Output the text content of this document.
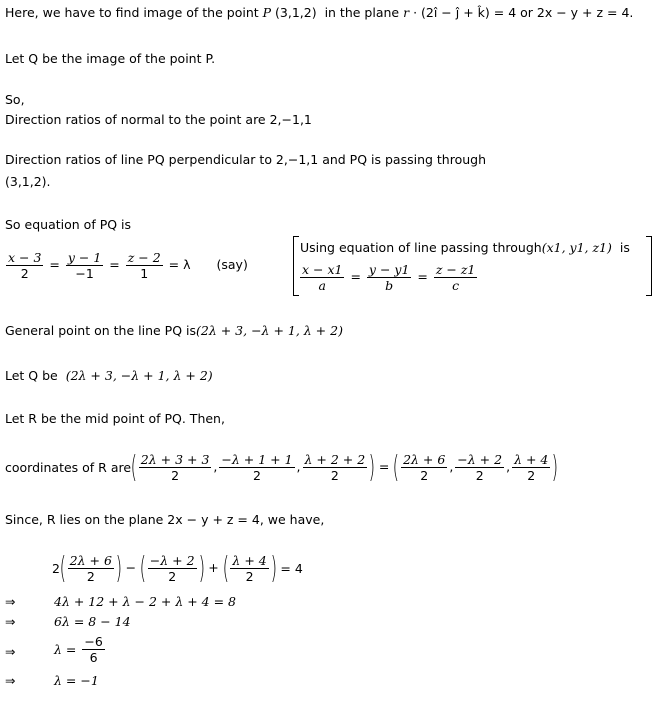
Here, we have to find image of the point P (3,1,2) in the plane r · (2î − ĵ + k̂) = 4 or 2x − y + z = 4.
Let Q be the image of the point P.
So,
Direction ratios of normal to the point are 2,−1,1
Direction ratios of line PQ perpendicular to 2,−1,1 and PQ is passing through
(3,1,2).
So equation of PQ is
$\frac{x - 3}{2} = \frac{y - 1}{-1} = \frac{z - 2}{1} = \lambda$ (say)
Using equation of line passing through(x1, y1, z1) is
$\frac{x - x1}{a} = \frac{y - y1}{b} = \frac{z - z1}{c}$
General point on the line PQ is(2λ + 3, −λ + 1, λ + 2)
Let Q be (2λ + 3, −λ + 1, λ + 2)
Let R be the mid point of PQ. Then,
coordinates of R $are( \frac{2\lambda + 3 + 3}{2}$ , $\frac{-\lambda + 1 + 1}{2}$ , $\frac{\lambda + 2 + 2}{2}$ ) = ( $\frac{2\lambda + 6}{2}$ , $\frac{-\lambda + 2}{2}$ , $\frac{\lambda + 4}{2}$ )
Since, R lies on the plane 2x − y + z = 4, we have,
$2( \frac{2\lambda + 6}{2}$ ) − ( $\frac{-\lambda + 2}{2}$ ) + ( $\frac{\lambda + 4}{2}$ ) = 4
⇒	4λ + 12 + λ − 2 + λ + 4 = 8
⇒	6λ = 8 − 14
⇒	$\lambda = \frac{-6}{6}$
⇒	λ = −1
